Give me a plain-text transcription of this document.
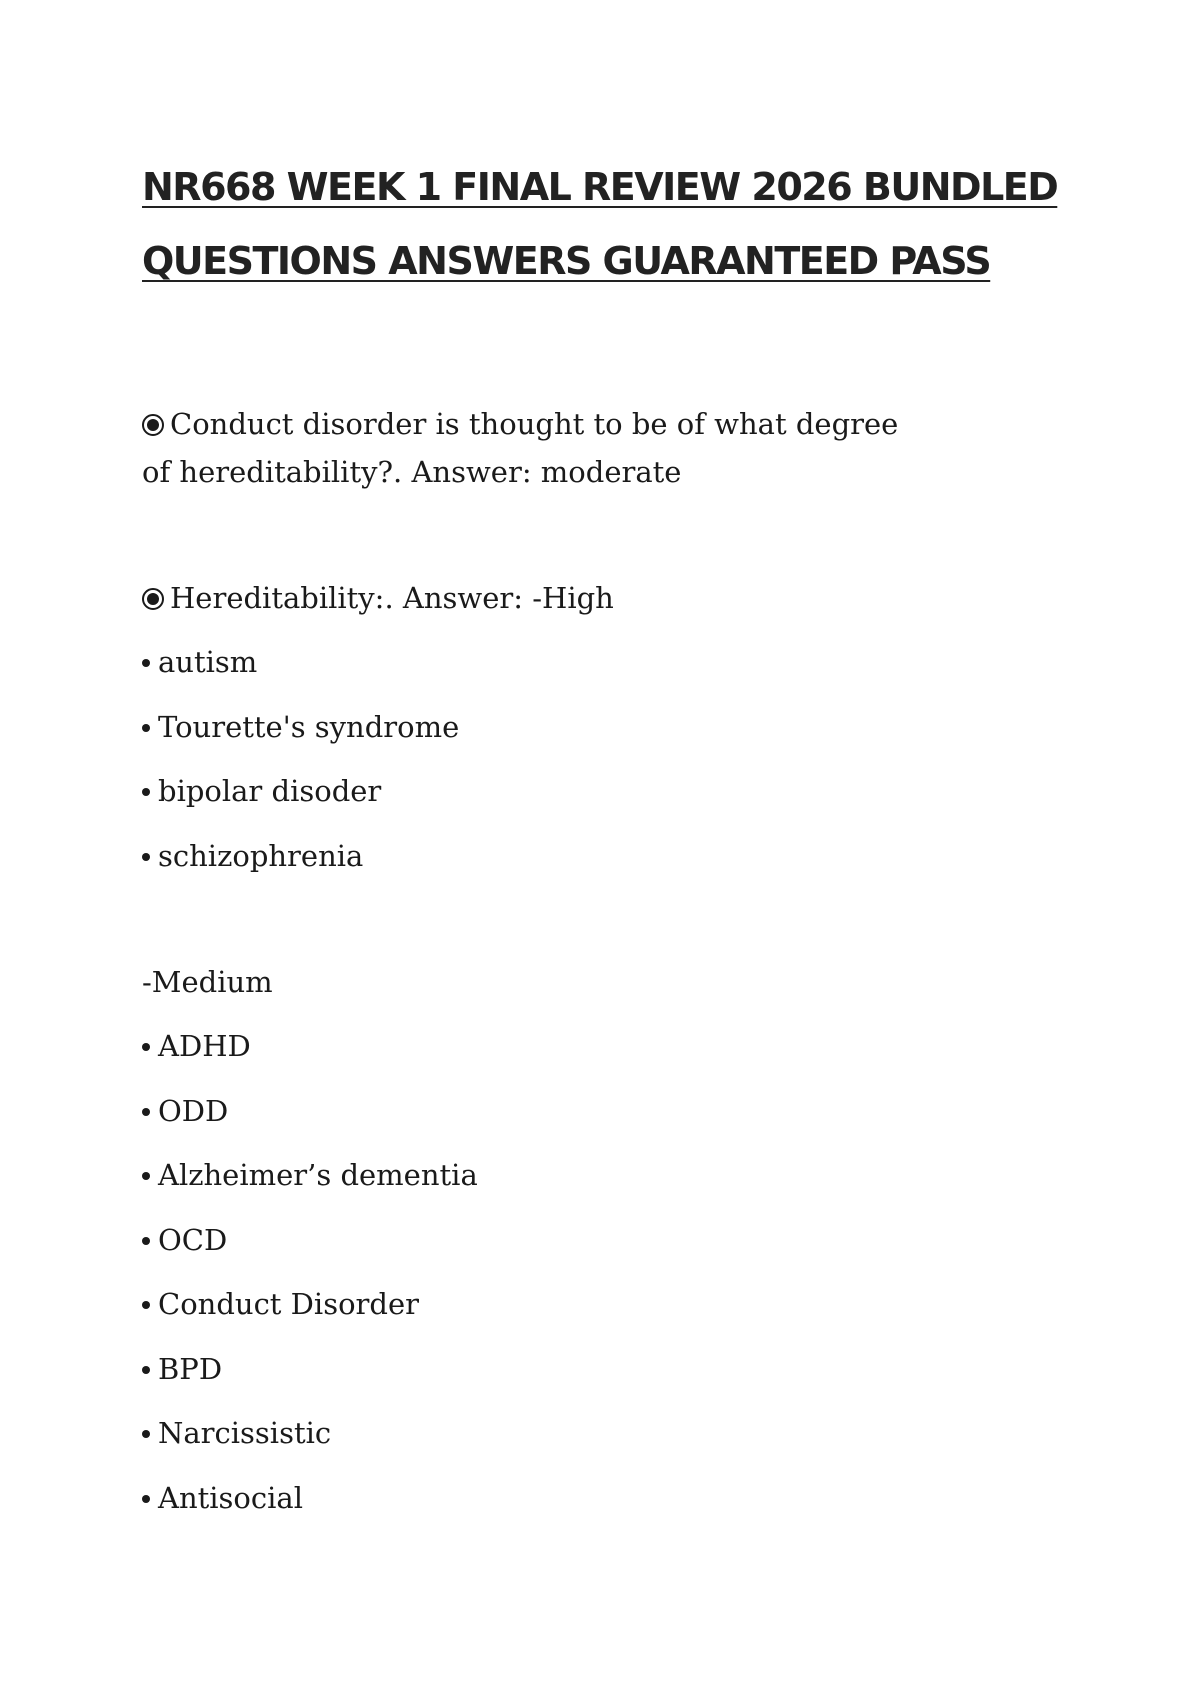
NR668 WEEK 1 FINAL REVIEW 2026 BUNDLED
QUESTIONS ANSWERS GUARANTEED PASS

Conduct disorder is thought to be of what degree of hereditability?. Answer: moderate

Hereditability:. Answer: -High

autism
Tourette's syndrome
bipolar disoder
schizophrenia

-Medium

ADHD
ODD
Alzheimer’s dementia
OCD
Conduct Disorder
BPD
Narcissistic
Antisocial
